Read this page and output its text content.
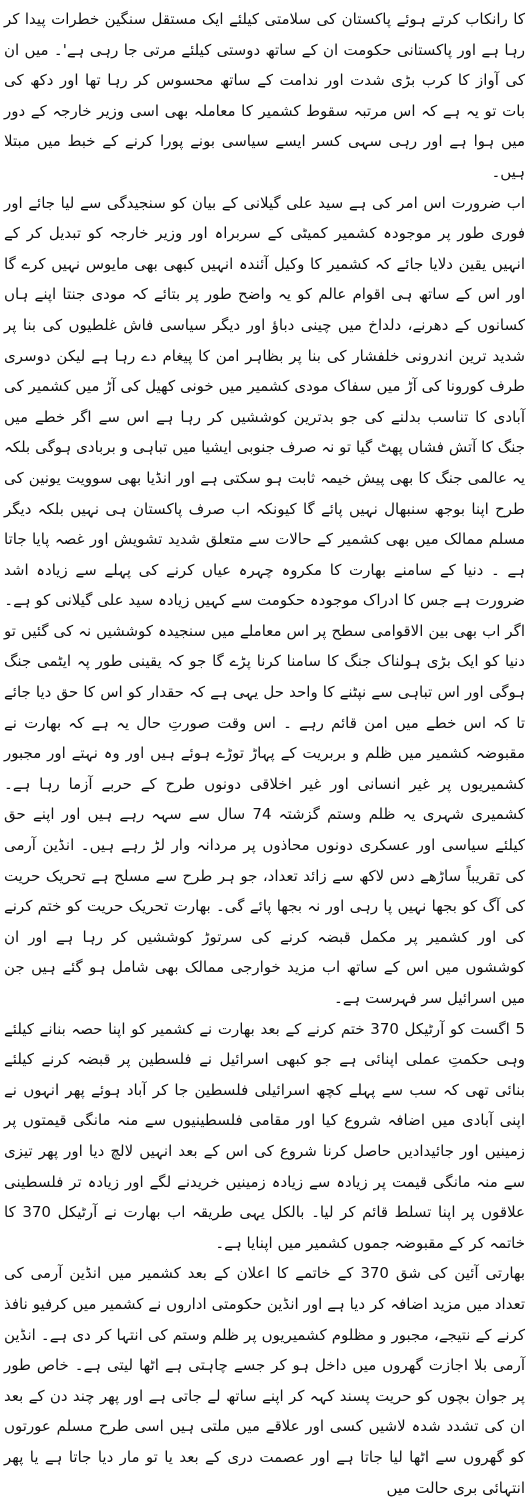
کا رانکاب کرتے ہوئے پاکستان کی سلامتی کیلئے ایک مستقل سنگین خطرات پیدا کر رہا ہے اور پاکستانی حکومت ان کے ساتھ دوستی کیلئے مرتی جا رہی ہے'۔ میں ان کی آواز کا کرب بڑی شدت اور ندامت کے ساتھ محسوس کر رہا تھا اور دکھ کی بات تو یہ ہے کہ اس مرتبہ سقوط کشمیر کا معاملہ بھی اسی وزیر خارجہ کے دور میں ہوا ہے اور رہی سہی کسر ایسے سیاسی بونے پورا کرنے کے خبط میں مبتلا ہیں۔

اب ضرورت اس امر کی ہے سید علی گیلانی کے بیان کو سنجیدگی سے لیا جائے اور فوری طور پر موجودہ کشمیر کمیٹی کے سربراہ اور وزیر خارجہ کو تبدیل کر کے انہیں یقین دلایا جائے کہ کشمیر کا وکیل آئندہ انہیں کبھی بھی مایوس نہیں کرے گا اور اس کے ساتھ ہی اقوام عالم کو یہ واضح طور پر بتائے کہ مودی جنتا اپنے ہاں کسانوں کے دھرنے، دلداخ میں چینی دباؤ اور دیگر سیاسی فاش غلطیوں کی بنا پر شدید ترین اندرونی خلفشار کی بنا پر بظاہر امن کا پیغام دے رہا ہے لیکن دوسری طرف کورونا کی آڑ میں سفاک مودی کشمیر میں خونی کھیل کی آڑ میں کشمیر کی آبادی کا تناسب بدلنے کی جو بدترین کوششیں کر رہا ہے اس سے اگر خطے میں جنگ کا آتش فشاں پھٹ گیا تو نہ صرف جنوبی ایشیا میں تباہی و بربادی ہوگی بلکہ یہ عالمی جنگ کا بھی پیش خیمہ ثابت ہو سکتی ہے اور انڈیا بھی سوویت یونین کی طرح اپنا بوجھ سنبھال نہیں پائے گا کیونکہ اب صرف پاکستان ہی نہیں بلکہ دیگر مسلم ممالک میں بھی کشمیر کے حالات سے متعلق شدید تشویش اور غصہ پایا جاتا ہے ۔ دنیا کے سامنے بھارت کا مکروہ چہرہ عیاں کرنے کی پہلے سے زیادہ اشد ضرورت ہے جس کا ادراک موجودہ حکومت سے کہیں زیادہ سید علی گیلانی کو ہے۔

اگر اب بھی بین الاقوامی سطح پر اس معاملے میں سنجیدہ کوششیں نہ کی گئیں تو دنیا کو ایک بڑی ہولناک جنگ کا سامنا کرنا پڑے گا جو کہ یقینی طور پہ ایٹمی جنگ ہوگی اور اس تباہی سے نپٹنے کا واحد حل یہی ہے کہ حقدار کو اس کا حق دیا جائے تا کہ اس خطے میں امن قائم رہے ۔ اس وقت صورتِ حال یہ ہے کہ بھارت نے مقبوضہ کشمیر میں ظلم و بربریت کے پہاڑ توڑے ہوئے ہیں اور وہ نہتے اور مجبور کشمیریوں پر غیر انسانی اور غیر اخلاقی دونوں طرح کے حربے آزما رہا ہے۔ کشمیری شہری یہ ظلم وستم گزشتہ 74 سال سے سہہ رہے ہیں اور اپنے حق کیلئے سیاسی اور عسکری دونوں محاذوں پر مردانہ وار لڑ رہے ہیں۔ انڈین آرمی کی تقریباً ساڑھے دس لاکھ سے زائد تعداد، جو ہر طرح سے مسلح ہے تحریک حریت کی آگ کو بجھا نہیں پا رہی اور نہ بجھا پائے گی۔ بھارت تحریک حریت کو ختم کرنے کی اور کشمیر پر مکمل قبضہ کرنے کی سرتوڑ کوششیں کر رہا ہے اور ان کوششوں میں اس کے ساتھ اب مزید خوارجی ممالک بھی شامل ہو گئے ہیں جن میں اسرائیل سر فہرست ہے۔

5 اگست کو آرٹیکل 370 ختم کرنے کے بعد بھارت نے کشمیر کو اپنا حصہ بنانے کیلئے وہی حکمتِ عملی اپنائی ہے جو کبھی اسرائیل نے فلسطین پر قبضہ کرنے کیلئے بنائی تھی کہ سب سے پہلے کچھ اسرائیلی فلسطین جا کر آباد ہوئے پھر انہوں نے اپنی آبادی میں اضافہ شروع کیا اور مقامی فلسطینیوں سے منہ مانگی قیمتوں پر زمینیں اور جائیدادیں حاصل کرنا شروع کی اس کے بعد انہیں لالچ دیا اور پھر تیزی سے منہ مانگی قیمت پر زیادہ سے زیادہ زمینیں خریدنے لگے اور زیادہ تر فلسطینی علاقوں پر اپنا تسلط قائم کر لیا۔ بالکل یہی طریقہ اب بھارت نے آرٹیکل 370 کا خاتمہ کر کے مقبوضہ جموں کشمیر میں اپنایا ہے۔

بھارتی آئین کی شق 370 کے خاتمے کا اعلان کے بعد کشمیر میں انڈین آرمی کی تعداد میں مزید اضافہ کر دیا ہے اور انڈین حکومتی اداروں نے کشمیر میں کرفیو نافذ کرنے کے نتیجے، مجبور و مظلوم کشمیریوں پر ظلم وستم کی انتہا کر دی ہے۔ انڈین آرمی بلا اجازت گھروں میں داخل ہو کر جسے چاہتی ہے اٹھا لیتی ہے۔ خاص طور پر جوان بچوں کو حریت پسند کہہ کر اپنے ساتھ لے جاتی ہے اور پھر چند دن کے بعد ان کی تشدد شدہ لاشیں کسی اور علاقے میں ملتی ہیں اسی طرح مسلم عورتوں کو گھروں سے اٹھا لیا جاتا ہے اور عصمت دری کے بعد یا تو مار دیا جاتا ہے یا پھر انتہائی بری حالت میں
